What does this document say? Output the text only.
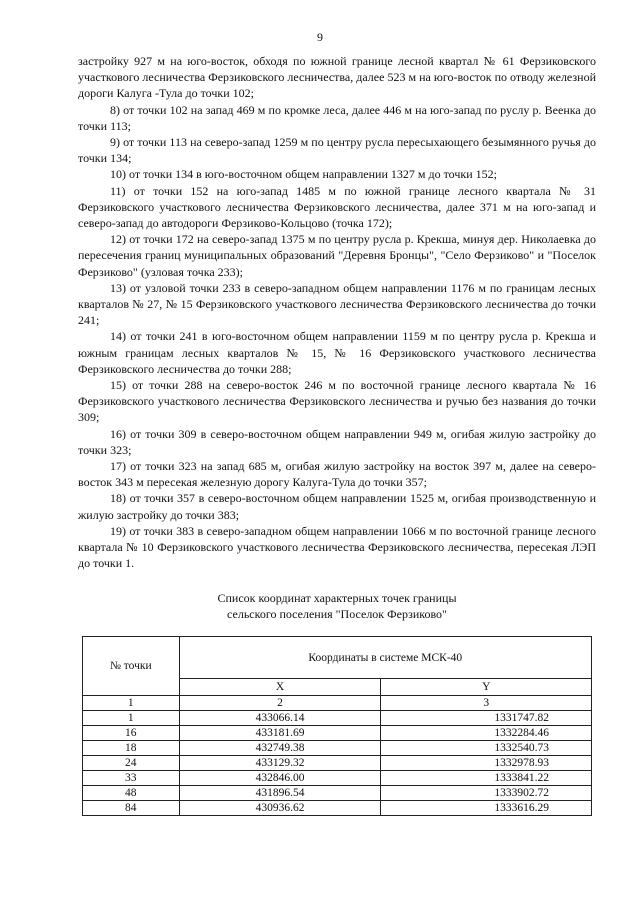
9

застройку 927 м на юго-восток, обходя по южной границе лесной квартал № 61 Ферзиковского участкового лесничества Ферзиковского лесничества, далее 523 м на юго-восток по отводу железной дороги Калуга -Тула до точки 102;

8) от точки 102 на запад 469 м по кромке леса, далее 446 м на юго-запад по руслу р. Веенка до точки 113;

9) от точки 113 на северо-запад 1259 м по центру русла пересыхающего безымянного ручья до точки 134;

10) от точки 134 в юго-восточном общем направлении 1327 м до точки 152;

11) от точки 152 на юго-запад 1485 м по южной границе лесного квартала № 31 Ферзиковского участкового лесничества Ферзиковского лесничества, далее 371 м на юго-запад и северо-запад до автодороги Ферзиково-Кольцово (точка 172);

12) от точки 172 на северо-запад 1375 м по центру русла р. Крекша, минуя дер. Николаевка до пересечения границ муниципальных образований "Деревня Бронцы", "Село Ферзиково" и "Поселок Ферзиково" (узловая точка 233);

13) от узловой точки 233 в северо-западном общем направлении 1176 м по границам лесных кварталов № 27, № 15 Ферзиковского участкового лесничества Ферзиковского лесничества до точки 241;

14) от точки 241 в юго-восточном общем направлении 1159 м по центру русла р. Крекша и южным границам лесных кварталов № 15, № 16 Ферзиковского участкового лесничества Ферзиковского лесничества до точки 288;

15) от точки 288 на северо-восток 246 м по восточной границе лесного квартала № 16 Ферзиковского участкового лесничества Ферзиковского лесничества и ручью без названия до точки 309;

16) от точки 309 в северо-восточном общем направлении 949 м, огибая жилую застройку до точки 323;

17) от точки 323 на запад 685 м, огибая жилую застройку на восток 397 м, далее на северо-восток 343 м пересекая железную дорогу Калуга-Тула до точки 357;

18) от точки 357 в северо-восточном общем направлении 1525 м, огибая производственную и жилую застройку до точки 383;

19) от точки 383 в северо-западном общем направлении 1066 м по восточной границе лесного квартала № 10 Ферзиковского участкового лесничества Ферзиковского лесничества, пересекая ЛЭП до точки 1.

Список координат характерных точек границы
сельского поселения "Поселок Ферзиково"
№ точки	Координаты в системе МСК-40	
	X	Y
1	2	3
1	433066.14	1331747.82
16	433181.69	1332284.46
18	432749.38	1332540.73
24	433129.32	1332978.93
33	432846.00	1333841.22
48	431896.54	1333902.72
84	430936.62	1333616.29
